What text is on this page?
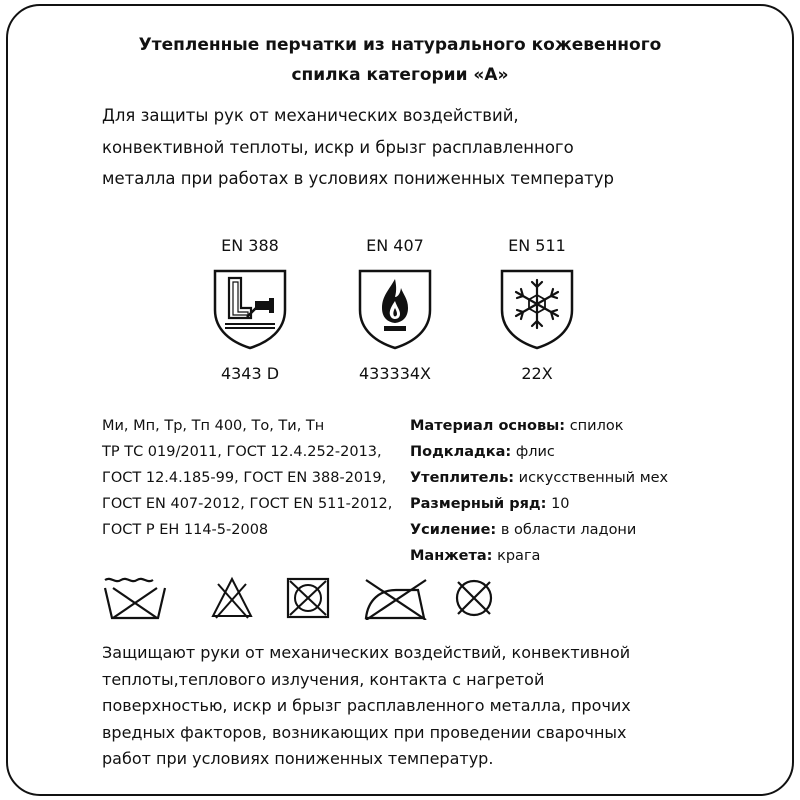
Утепленные перчатки из натурального кожевенного
спилка категории «А»
Для защиты рук от механических воздействий,
конвективной теплоты, искр и брызг расплавленного
металла при работах в условиях пониженных температур
EN 388
4343 D
EN 407
433334X
EN 511
22X
Ми, Мп, Тр, Тп 400, То, Ти, Тн
ТР ТС 019/2011, ГОСТ 12.4.252-2013,
ГОСТ 12.4.185-99, ГОСТ EN 388-2019,
ГОСТ EN 407-2012, ГОСТ EN 511-2012,
ГОСТ Р ЕН 114-5-2008
Материал основы: спилок
Подкладка: флис
Утеплитель: искусственный мех
Размерный ряд: 10
Усиление: в области ладони
Манжета: крага
Защищают руки от механических воздействий, конвективной
теплоты,теплового излучения, контакта с нагретой
поверхностью, искр и брызг расплавленного металла, прочих
вредных факторов, возникающих при проведении сварочных
работ при условиях пониженных температур.
